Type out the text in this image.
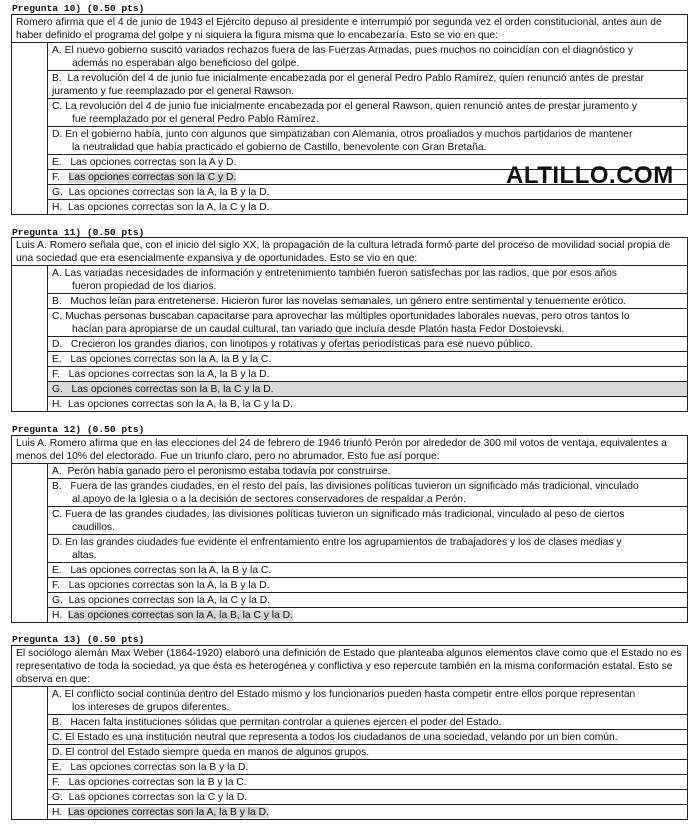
Pregunta 10) (0.50 pts)
Romero afirma que el 4 de junio de 1943 el Ejército depuso al presidente e interrumpió por segunda vez el orden constitucional, antes aun de haber definido el programa del golpe y ni siquiera la figura misma que lo encabezaría. Esto se vio en que:
A. El nuevo gobierno suscitó variados rechazos fuera de las Fuerzas Armadas, pues muchos no coincidían con el diagnóstico y
además no esperaban algo beneficioso del golpe.
B. La revolución del 4 de junio fue inicialmente encabezada por el general Pedro Pablo Ramírez, quien renunció antes de prestar
juramento y fue reemplazado por el general Rawson.
C. La revolución del 4 de junio fue inicialmente encabezada por el general Rawson, quien renunció antes de prestar juramento y
fue reemplazado por el general Pedro Pablo Ramírez.
D. En el gobierno había, junto con algunos que simpatizaban con Alemania, otros proaliados y muchos partidarios de mantener
la neutralidad que había practicado el gobierno de Castillo, benevolente con Gran Bretaña.
E. Las opciones correctas son la A y D.
F. Las opciones correctas son la C y D.
G. Las opciones correctas son la A, la B y la D.
H. Las opciones correctas son la A, la C y la D.
ALTILLO.COM
Pregunta 11) (0.50 pts)
Luis A. Romero señala que, con el inicio del siglo XX, la propagación de la cultura letrada formó parte del proceso de movilidad social propia de una sociedad que era esencialmente expansiva y de oportunidades. Esto se vio en que:
A. Las variadas necesidades de información y entretenimiento también fueron satisfechas por las radios, que por esos años
fueron propiedad de los diarios.
B. Muchos leían para entretenerse. Hicieron furor las novelas semanales, un género entre sentimental y tenuemente erótico.
C. Muchas personas buscaban capacitarse para aprovechar las múltiples oportunidades laborales nuevas, pero otros tantos lo
hacían para apropiarse de un caudal cultural, tan variado que incluía desde Platón hasta Fedor Dostoievski.
D. Crecieron los grandes diarios, con linotipos y rotativas y ofertas periodísticas para ese nuevo público.
E. Las opciones correctas son la A, la B y la C.
F. Las opciones correctas son la A, la B y la D.
G. Las opciones correctas son la B, la C y la D.
H. Las opciones correctas son la A, la B, la C y la D.
Pregunta 12) (0.50 pts)
Luis A. Romero afirma que en las elecciones del 24 de febrero de 1946 triunfó Perón por alrededor de 300 mil votos de ventaja, equivalentes a menos del 10% del electorado. Fue un triunfo claro, pero no abrumador. Esto fue así porque:
A. Perón había ganado pero el peronismo estaba todavía por construirse.
B. Fuera de las grandes ciudades, en el resto del país, las divisiones políticas tuvieron un significado más tradicional, vinculado
al apoyo de la Iglesia o a la decisión de sectores conservadores de respaldar a Perón.
C. Fuera de las grandes ciudades, las divisiones políticas tuvieron un significado más tradicional, vinculado al peso de ciertos
caudillos.
D. En las grandes ciudades fue evidente el enfrentamiento entre los agrupamientos de trabajadores y los de clases medias y
altas.
E. Las opciones correctas son la A, la B y la C.
F. Las opciones correctas son la A, la B y la D.
G. Las opciones correctas son la A, la C y la D.
H. Las opciones correctas son la A, la B, la C y la D.
Pregunta 13) (0.50 pts)
El sociólogo alemán Max Weber (1864-1920) elaboró una definición de Estado que planteaba algunos elementos clave como que el Estado no es representativo de toda la sociedad, ya que ésta es heterogénea y conflictiva y eso repercute también en la misma conformación estatal. Esto se observa en que:
A. El conflicto social continúa dentro del Estado mismo y los funcionarios pueden hasta competir entre ellos porque representan
los intereses de grupos diferentes.
B. Hacen falta instituciones sólidas que permitan controlar a quienes ejercen el poder del Estado.
C. El Estado es una institución neutral que representa a todos los ciudadanos de una sociedad, velando por un bien común.
D. El control del Estado siempre queda en manos de algunos grupos.
E. Las opciones correctas son la B y la D.
F. Las opciones correctas son la B y la C.
G. Las opciones correctas son la C y la D.
H. Las opciones correctas son la A, la B y la D.
